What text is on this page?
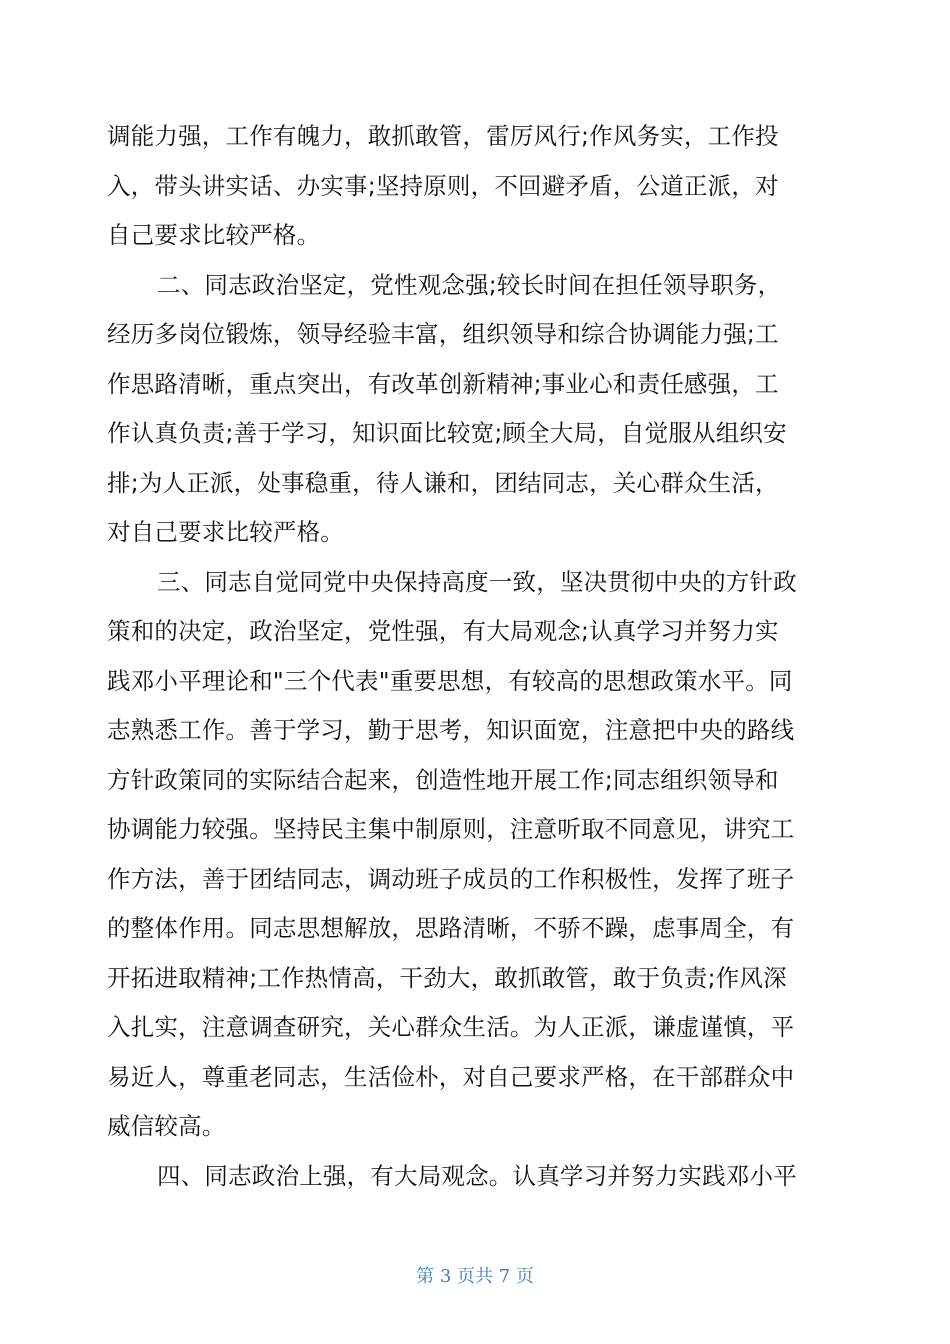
调能力强，工作有魄力，敢抓敢管，雷厉风行;作风务实，工作投
入，带头讲实话、办实事;坚持原则，不回避矛盾，公道正派，对
自己要求比较严格。
二、同志政治坚定，党性观念强;较长时间在担任领导职务，
经历多岗位锻炼，领导经验丰富，组织领导和综合协调能力强;工
作思路清晰，重点突出，有改革创新精神;事业心和责任感强，工
作认真负责;善于学习，知识面比较宽;顾全大局，自觉服从组织安
排;为人正派，处事稳重，待人谦和，团结同志，关心群众生活，
对自己要求比较严格。
三、同志自觉同党中央保持高度一致，坚决贯彻中央的方针政
策和的决定，政治坚定，党性强，有大局观念;认真学习并努力实
践邓小平理论和"三个代表"重要思想，有较高的思想政策水平。同
志熟悉工作。善于学习，勤于思考，知识面宽，注意把中央的路线
方针政策同的实际结合起来，创造性地开展工作;同志组织领导和
协调能力较强。坚持民主集中制原则，注意听取不同意见，讲究工
作方法，善于团结同志，调动班子成员的工作积极性，发挥了班子
的整体作用。同志思想解放，思路清晰，不骄不躁，虑事周全，有
开拓进取精神;工作热情高，干劲大，敢抓敢管，敢于负责;作风深
入扎实，注意调查研究，关心群众生活。为人正派，谦虚谨慎，平
易近人，尊重老同志，生活俭朴，对自己要求严格，在干部群众中
威信较高。
四、同志政治上强，有大局观念。认真学习并努力实践邓小平
第 3 页共 7 页
